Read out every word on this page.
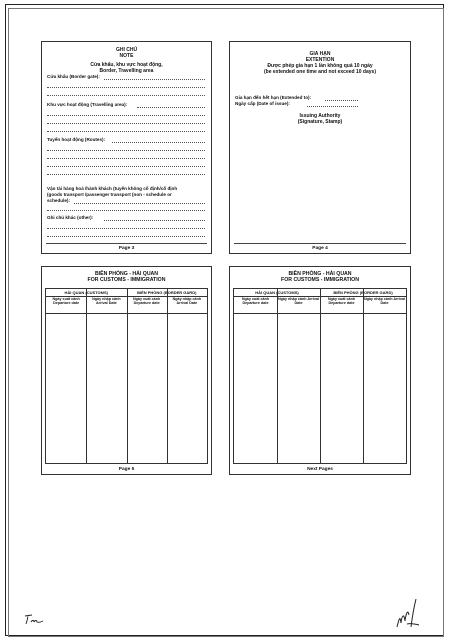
GHI CHÚ
NOTE
Cửa khẩu, khu vực hoạt động,
Border, Travelling area
Cửa khẩu (Border gate):
Khu vực hoạt động (Travelling area):
Tuyến hoạt động (Routes):
Vận tải hàng hoá /hành khách (tuyến không cố định/cố định
(goods transport /passenger transport (non - schedule or
schedule):
Ghi chú khác (other):
Page 3
GIA HẠN
EXTENTION
Được phép gia hạn 1 lần không quá 10 ngày
(be extended one time and not exceed 10 days)
Gia hạn đến hết hạn (Extended to):
Ngày cấp (Date of issue):
Issuing Authority
(Signature, Stamp)
Page 4
BIÊN PHÒNG - HẢI QUAN
FOR CUSTOMS - IMMIGRATION
HẢI QUAN (CUSTOMS)	BIÊN PHÒNG (BORDER GARD)
Ngày xuất cảnh Departure date
Ngày nhập cảnh Arrival Date
Ngày xuất cảnh Departure date
Ngày nhập cảnh Arrival Date
Page 5
BIÊN PHÒNG - HẢI QUAN
FOR CUSTOMS - IMMIGRATION
HẢI QUAN (CUSTOMS)	BIÊN PHÒNG (BORDER GARD)
Ngày xuất cảnh Departure date
Ngày nhập cảnh Arrival Date
Ngày xuất cảnh Departure date
Ngày nhập cảnh Arrival Date
Next Pages
